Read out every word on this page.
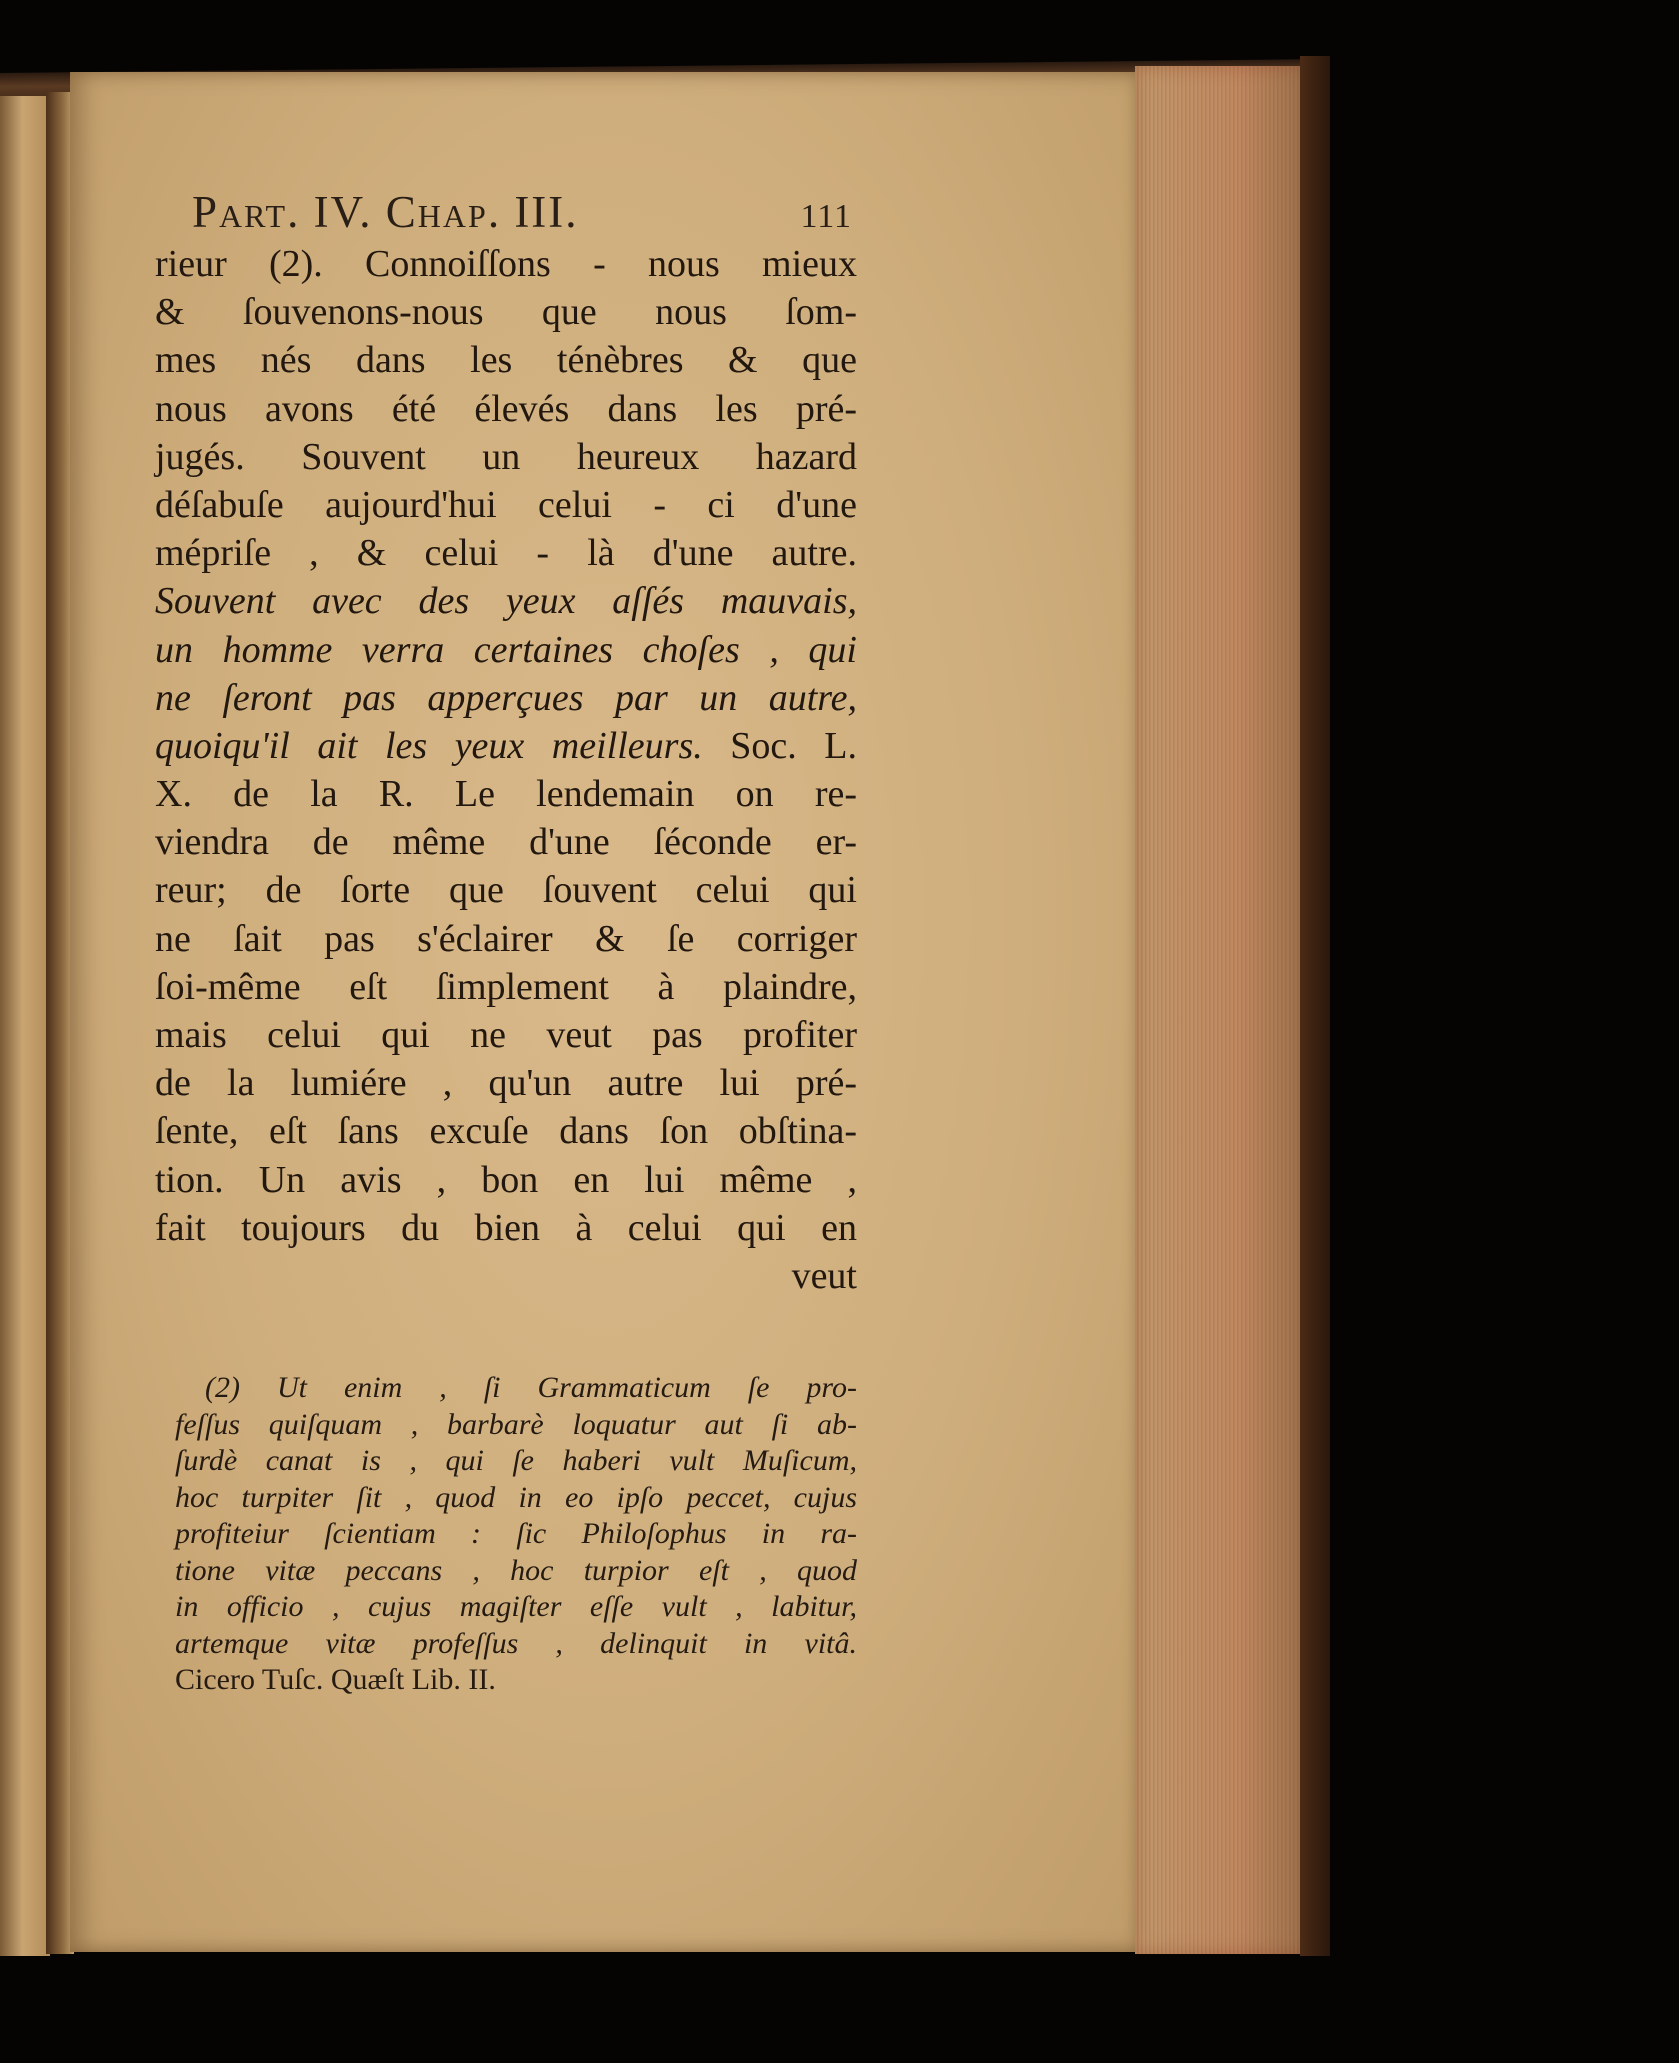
Part. IV. Chap. III.	111
rieur (2). Connoiſſons - nous mieux
& ſouvenons-nous que nous ſom-
mes nés dans les ténèbres & que
nous avons été élevés dans les pré-
jugés. Souvent un heureux hazard
déſabuſe aujourd'hui celui - ci d'une
mépriſe , & celui - là d'une autre.
Souvent avec des yeux aſſés mauvais,
un homme verra certaines choſes , qui
ne ſeront pas apperçues par un autre,
quoiqu'il ait les yeux meilleurs. Soc. L.
X. de la R. Le lendemain on re-
viendra de même d'une ſéconde er-
reur; de ſorte que ſouvent celui qui
ne ſait pas s'éclairer & ſe corriger
ſoi-même eſt ſimplement à plaindre,
mais celui qui ne veut pas profiter
de la lumiére , qu'un autre lui pré-
ſente, eſt ſans excuſe dans ſon obſtina-
tion. Un avis , bon en lui même ,
fait toujours du bien à celui qui en
veut
(2) Ut enim , ſi Grammaticum ſe pro-
feſſus quiſquam , barbarè loquatur aut ſi ab-
ſurdè canat is , qui ſe haberi vult Muſicum,
hoc turpiter ſit , quod in eo ipſo peccet, cujus
profiteiur ſcientiam : ſic Philoſophus in ra-
tione vitæ peccans , hoc turpior eſt , quod
in officio , cujus magiſter eſſe vult , labitur,
artemque vitæ profeſſus , delinquit in vitâ.
Cicero Tuſc. Quæſt Lib. II.
